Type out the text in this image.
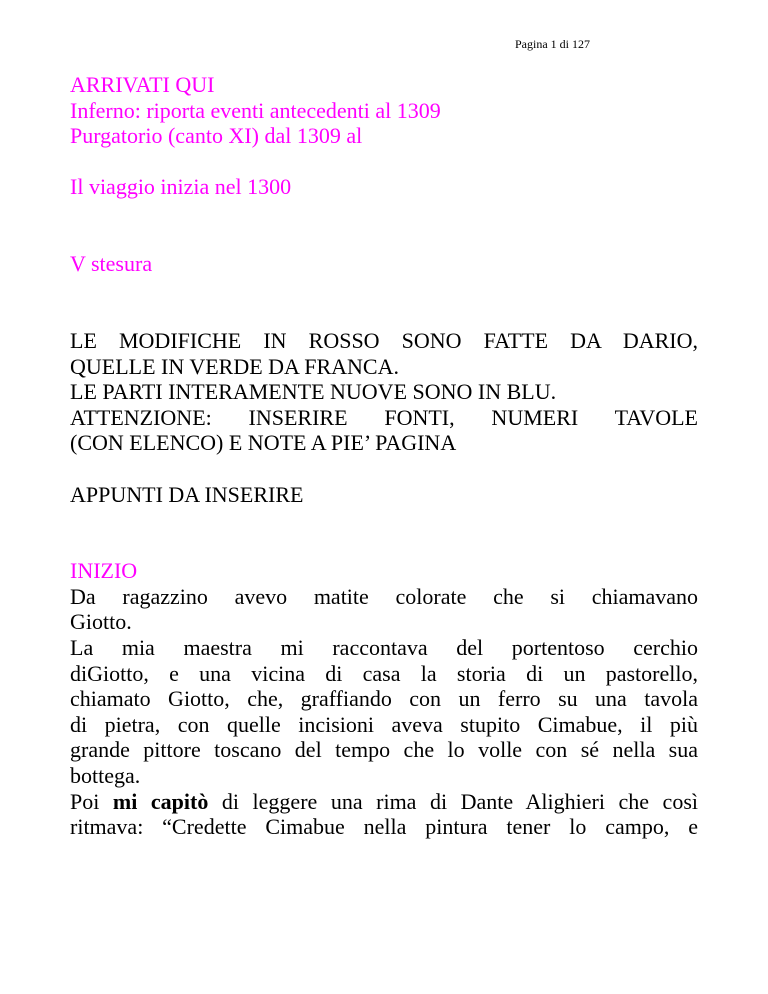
Pagina 1 di 127
ARRIVATI QUI
Inferno: riporta eventi antecedenti al 1309
Purgatorio (canto XI) dal 1309 al
Il viaggio inizia nel 1300
V stesura
LE MODIFICHE IN ROSSO SONO FATTE DA DARIO,
QUELLE IN VERDE DA FRANCA.
LE PARTI INTERAMENTE NUOVE SONO IN BLU.
ATTENZIONE: INSERIRE FONTI, NUMERI TAVOLE
(CON ELENCO) E NOTE A PIE’ PAGINA
APPUNTI DA INSERIRE
INIZIO
Da ragazzino avevo matite colorate che si chiamavano
Giotto.
La mia maestra mi raccontava del portentoso cerchio
diGiotto, e una vicina di casa la storia di un pastorello,
chiamato Giotto, che, graffiando con un ferro su una tavola
di pietra, con quelle incisioni aveva stupito Cimabue, il più
grande pittore toscano del tempo che lo volle con sé nella sua
bottega.
Poi mi capitò di leggere una rima di Dante Alighieri che così
ritmava: “Credette Cimabue nella pintura tener lo campo, e
